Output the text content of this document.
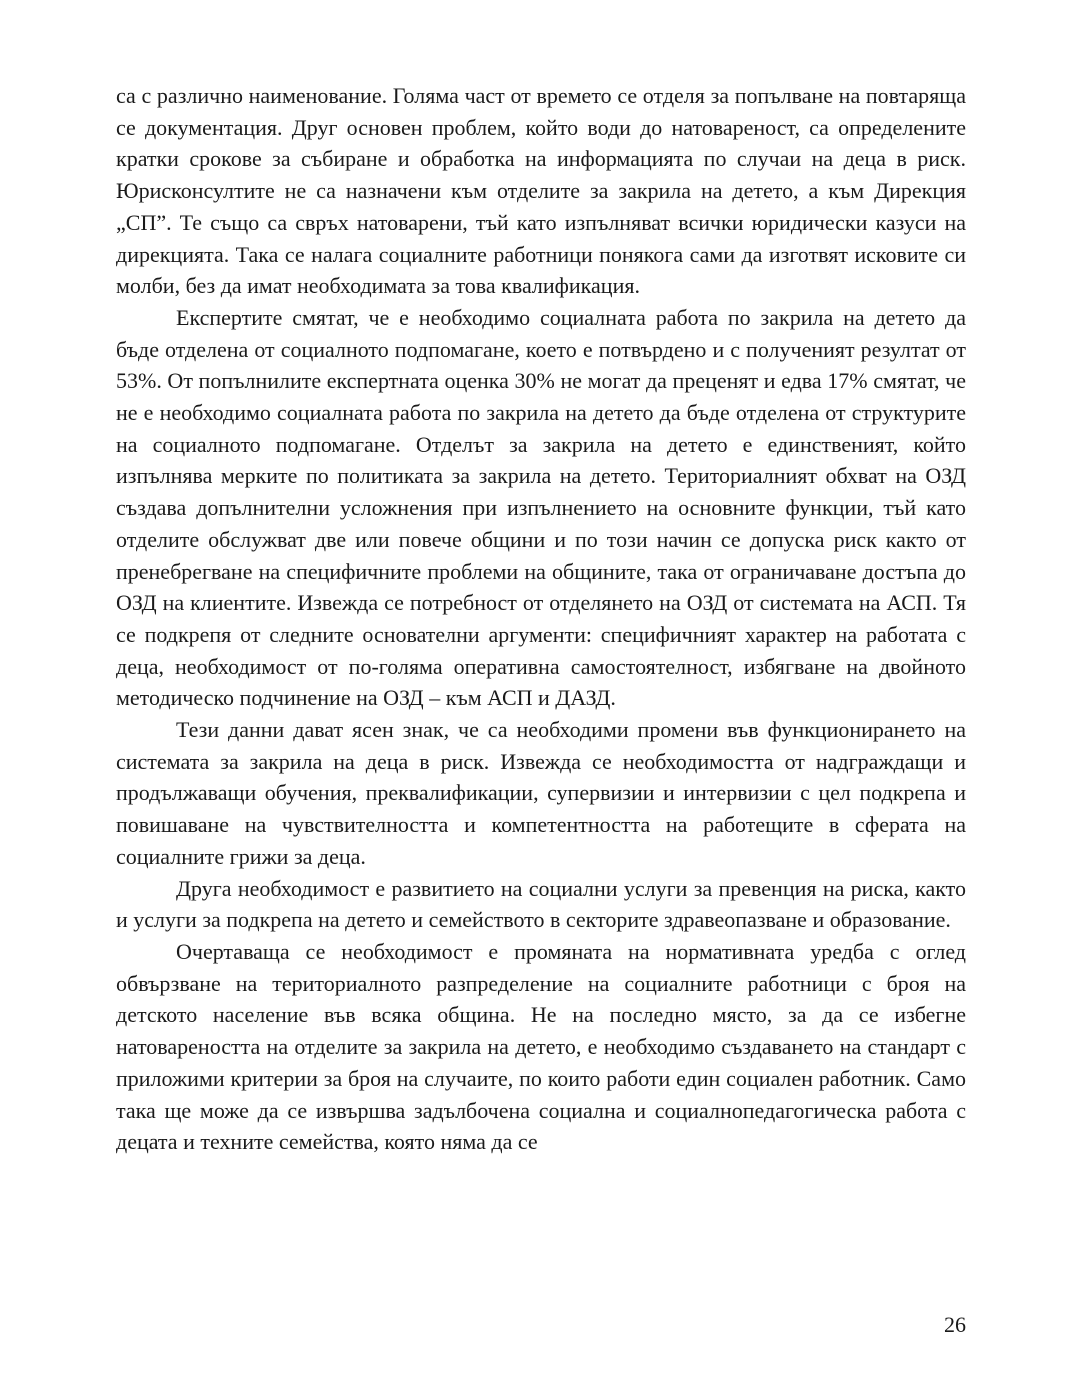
са с различно наименование. Голяма част от времето се отделя за попълване на повтаряща се документация. Друг основен проблем, който води до натовареност, са определените кратки срокове за събиране и обработка на информацията по случаи на деца в риск. Юрисконсултите не са назначени към отделите за закрила на детето, а към Дирекция „СП”. Те също са свръх натоварени, тъй като изпълняват всички юридически казуси на дирекцията. Така се налага социалните работници понякога сами да изготвят исковите си молби, без да имат необходимата за това квалификация.

Експертите смятат, че е необходимо социалната работа по закрила на детето да бъде отделена от социалното подпомагане, което е потвърдено и с полученият резултат от 53%. От попълнилите експертната оценка 30% не могат да преценят и едва 17% смятат, че не е необходимо социалната работа по закрила на детето да бъде отделена от структурите на социалното подпомагане. Отделът за закрила на детето е единственият, който изпълнява мерките по политиката за закрила на детето. Териториалният обхват на ОЗД създава допълнителни усложнения при изпълнението на основните функции, тъй като отделите обслужват две или повече общини и по този начин се допуска риск както от пренебрегване на специфичните проблеми на общините, така от ограничаване достъпа до ОЗД на клиентите. Извежда се потребност от отделянето на ОЗД от системата на АСП. Тя се подкрепя от следните основателни аргументи: специфичният характер на работата с деца, необходимост от по-голяма оперативна самостоятелност, избягване на двойното методическо подчинение на ОЗД – към АСП и ДАЗД.

Тези данни дават ясен знак, че са необходими промени във функционирането на системата за закрила на деца в риск. Извежда се необходимостта от надграждащи и продължаващи обучения, преквалификации, супервизии и интервизии с цел подкрепа и повишаване на чувствителността и компетентността на работещите в сферата на социалните грижи за деца.

Друга необходимост е развитието на социални услуги за превенция на риска, както и услуги за подкрепа на детето и семейството в секторите здравеопазване и образование.

Очертаваща се необходимост е промяната на нормативната уредба с оглед обвързване на териториалното разпределение на социалните работници с броя на детското население във всяка община. Не на последно място, за да се избегне натовареността на отделите за закрила на детето, е необходимо създаването на стандарт с приложими критерии за броя на случаите, по които работи един социален работник. Само така ще може да се извършва задълбочена социална и социалнопедагогическа работа с децата и техните семейства, която няма да се

26
